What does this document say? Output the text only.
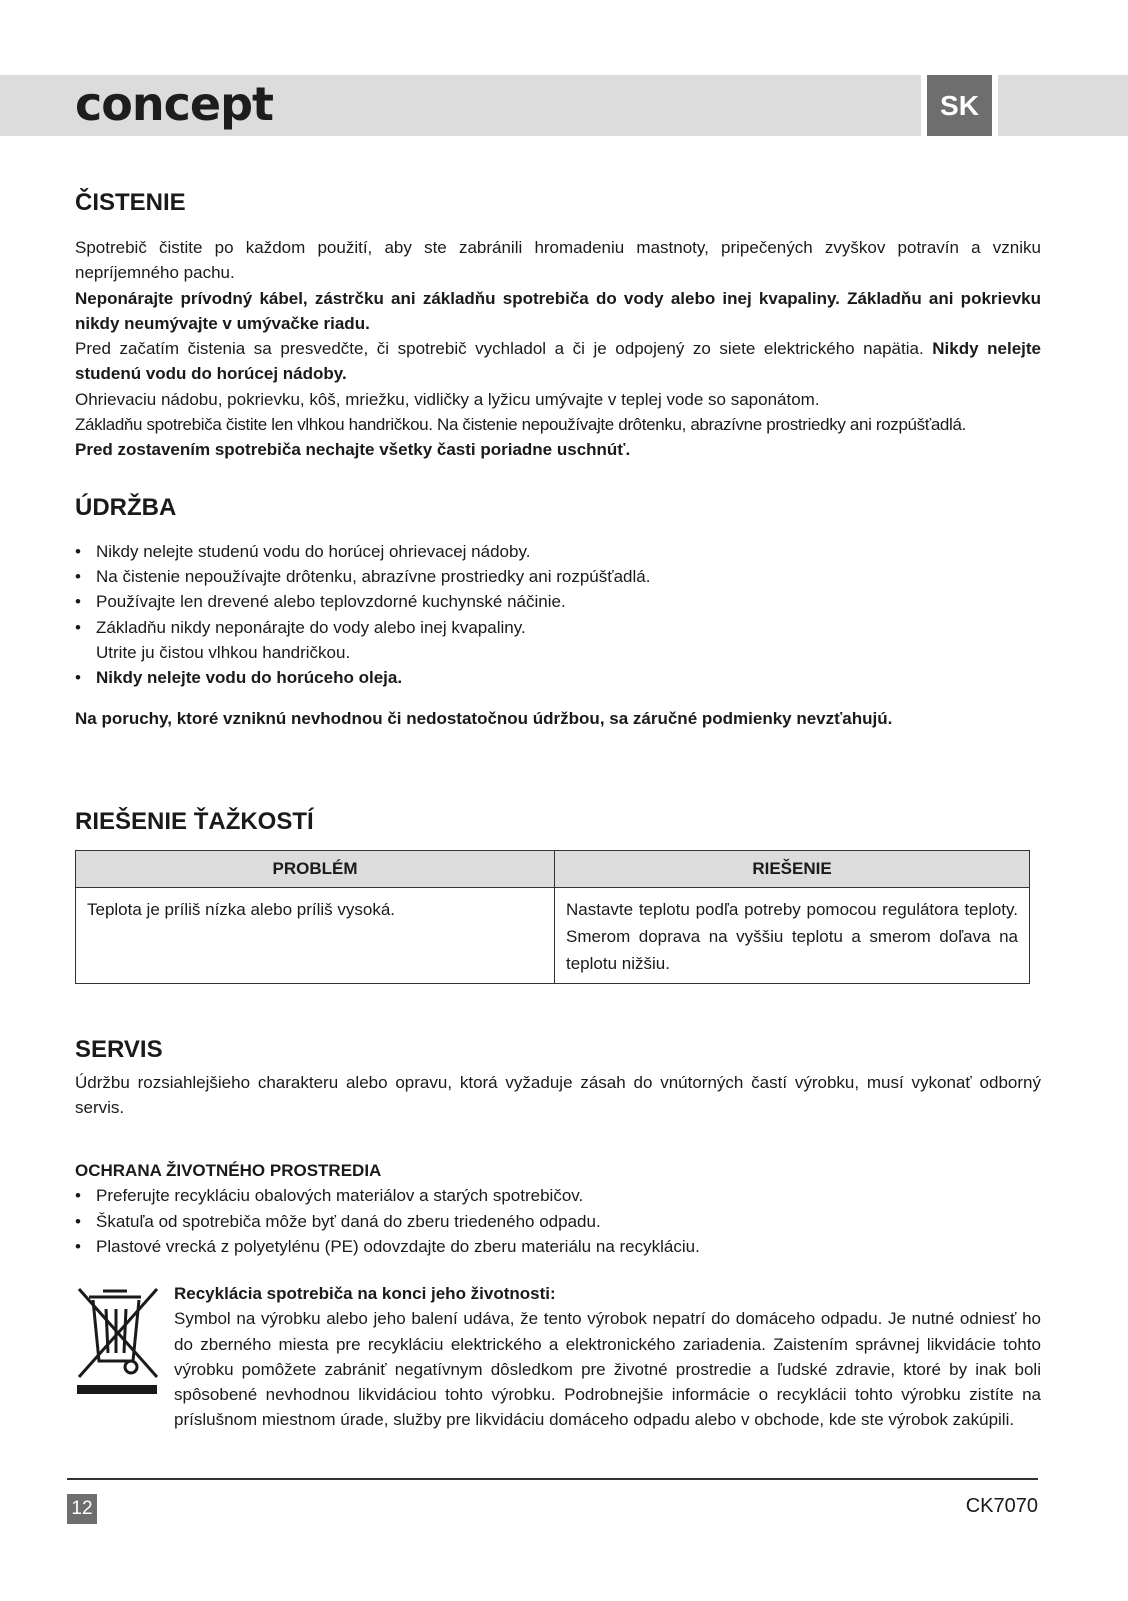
concept	SK
ČISTENIE

Spotrebič čistite po každom použití, aby ste zabránili hromadeniu mastnoty, pripečených zvyškov potravín a vzniku nepríjemného pachu.

Neponárajte prívodný kábel, zástrčku ani základňu spotrebiča do vody alebo inej kvapaliny. Základňu ani pokrievku nikdy neumývajte v umývačke riadu.

Pred začatím čistenia sa presvedčte, či spotrebič vychladol a či je odpojený zo siete elektrického napätia. Nikdy nelejte studenú vodu do horúcej nádoby.

Ohrievaciu nádobu, pokrievku, kôš, mriežku, vidličky a lyžicu umývajte v teplej vode so saponátom.

Základňu spotrebiča čistite len vlhkou handričkou. Na čistenie nepoužívajte drôtenku, abrazívne prostriedky ani rozpúšťadlá.

Pred zostavením spotrebiča nechajte všetky časti poriadne uschnúť.

ÚDRŽBA
• Nikdy nelejte studenú vodu do horúcej ohrievacej nádoby.
• Na čistenie nepoužívajte drôtenku, abrazívne prostriedky ani rozpúšťadlá.
• Používajte len drevené alebo teplovzdorné kuchynské náčinie.
• Základňu nikdy neponárajte do vody alebo inej kvapaliny.
Utrite ju čistou vlhkou handričkou.
• Nikdy nelejte vodu do horúceho oleja.

Na poruchy, ktoré vzniknú nevhodnou či nedostatočnou údržbou, sa záručné podmienky nevzťahujú.

RIEŠENIE ŤAŽKOSTÍ
PROBLÉM	RIEŠENIE
Teplota je príliš nízka alebo príliš vysoká.	Nastavte teplotu podľa potreby pomocou regulátora teploty. Smerom doprava na vyššiu teplotu a smerom doľava na teplotu nižšiu.
SERVIS

Údržbu rozsiahlejšieho charakteru alebo opravu, ktorá vyžaduje zásah do vnútorných častí výrobku, musí vykonať odborný servis.

OCHRANA ŽIVOTNÉHO PROSTREDIA
• Preferujte recykláciu obalových materiálov a starých spotrebičov.
• Škatuľa od spotrebiča môže byť daná do zberu triedeného odpadu.
• Plastové vrecká z polyetylénu (PE) odovzdajte do zberu materiálu na recykláciu.
Recyklácia spotrebiča na konci jeho životnosti:

Symbol na výrobku alebo jeho balení udáva, že tento výrobok nepatrí do domáceho odpadu. Je nutné odniesť ho do zberného miesta pre recykláciu elektrického a elektronického zariadenia. Zaistením správnej likvidácie tohto výrobku pomôžete zabrániť negatívnym dôsledkom pre životné prostredie a ľudské zdravie, ktoré by inak boli spôsobené nevhodnou likvidáciou tohto výrobku. Podrobnejšie informácie o recyklácii tohto výrobku zistíte na príslušnom miestnom úrade, služby pre likvidáciu domáceho odpadu alebo v obchode, kde ste výrobok zakúpili.

12	CK7070
